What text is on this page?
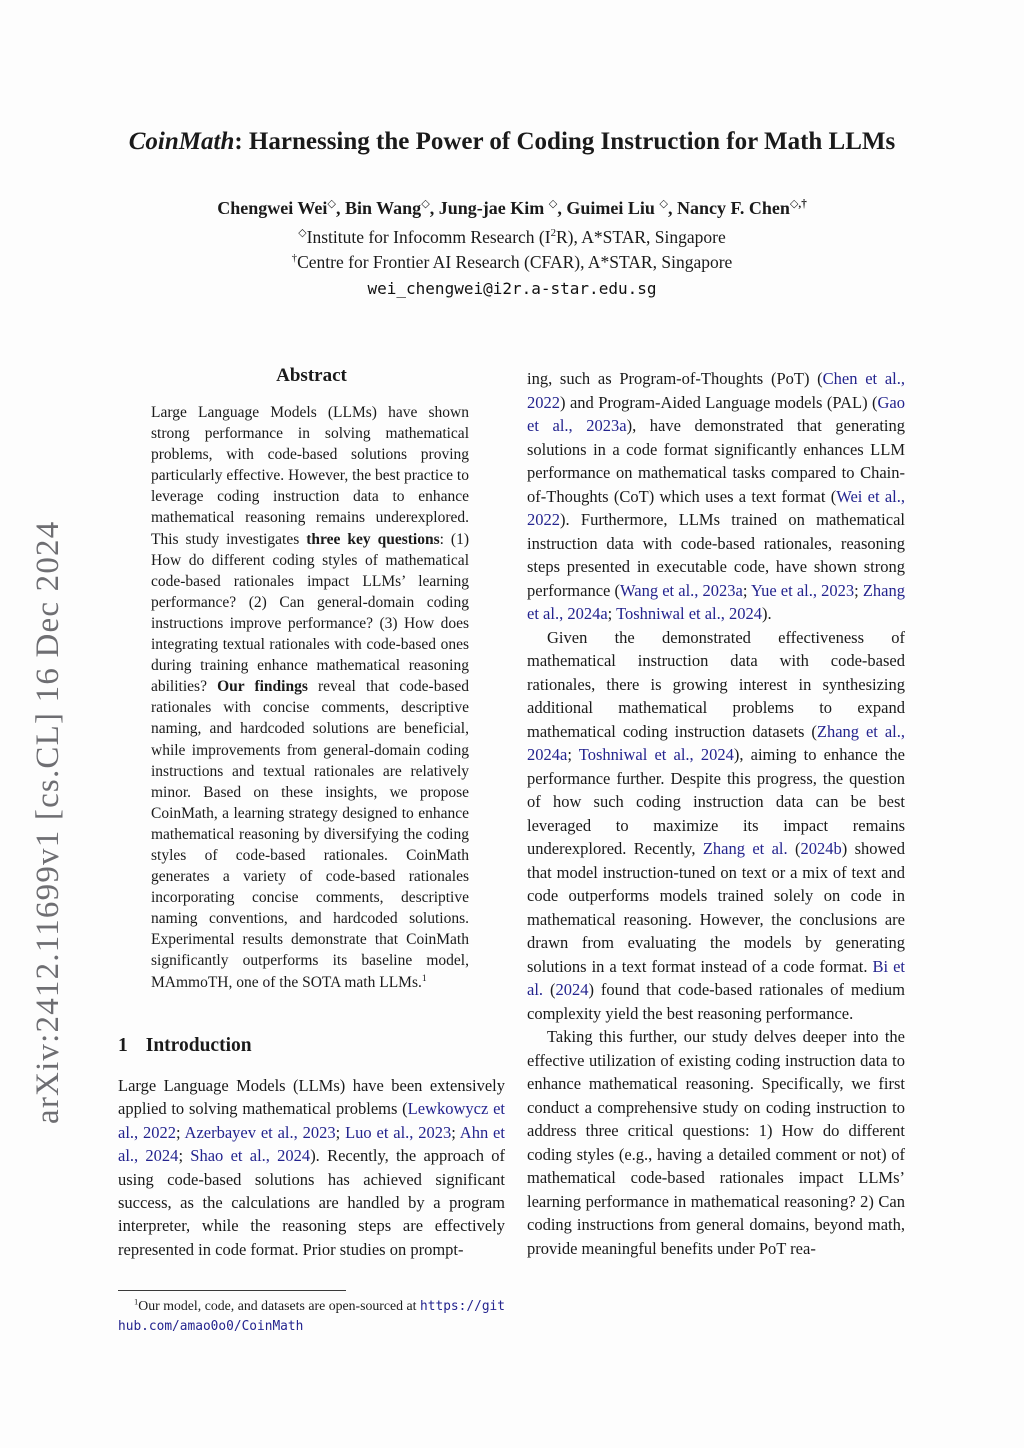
arXiv:2412.11699v1 [cs.CL] 16 Dec 2024
CoinMath: Harnessing the Power of Coding Instruction for Math LLMs
Chengwei Wei◇, Bin Wang◇, Jung-jae Kim ◇, Guimei Liu ◇, Nancy F. Chen◇,†
◇Institute for Infocomm Research $(I^2R)$, A*STAR, Singapore
†Centre for Frontier AI Research (CFAR), A*STAR, Singapore
wei_chengwei@i2r.a-star.edu.sg
Abstract
Large Language Models (LLMs) have shown strong performance in solving mathematical problems, with code-based solutions proving particularly effective. However, the best practice to leverage coding instruction data to enhance mathematical reasoning remains underexplored. This study investigates three key questions: (1) How do different coding styles of mathematical code-based rationales impact LLMs’ learning performance? (2) Can general-domain coding instructions improve performance? (3) How does integrating textual rationales with code-based ones during training enhance mathematical reasoning abilities? Our findings reveal that code-based rationales with concise comments, descriptive naming, and hardcoded solutions are beneficial, while improvements from general-domain coding instructions and textual rationales are relatively minor. Based on these insights, we propose CoinMath, a learning strategy designed to enhance mathematical reasoning by diversifying the coding styles of code-based rationales. CoinMath generates a variety of code-based rationales incorporating concise comments, descriptive naming conventions, and hardcoded solutions. Experimental results demonstrate that CoinMath significantly outperforms its baseline model, MAmmoTH, one of the SOTA math LLMs.$^1$
1 Introduction
Large Language Models (LLMs) have been extensively applied to solving mathematical problems (Lewkowycz et al., 2022; Azerbayev et al., 2023; Luo et al., 2023; Ahn et al., 2024; Shao et al., 2024). Recently, the approach of using code-based solutions has achieved significant success, as the calculations are handled by a program interpreter, while the reasoning steps are effectively represented in code format. Prior studies on prompt-
$^1$Our model, code, and datasets are open-sourced at https://github.com/amao0o0/CoinMath

ing, such as Program-of-Thoughts (PoT) (Chen et al., 2022) and Program-Aided Language models (PAL) (Gao et al., 2023a), have demonstrated that generating solutions in a code format significantly enhances LLM performance on mathematical tasks compared to Chain-of-Thoughts (CoT) which uses a text format (Wei et al., 2022). Furthermore, LLMs trained on mathematical instruction data with code-based rationales, reasoning steps presented in executable code, have shown strong performance (Wang et al., 2023a; Yue et al., 2023; Zhang et al., 2024a; Toshniwal et al., 2024).

Given the demonstrated effectiveness of mathematical instruction data with code-based rationales, there is growing interest in synthesizing additional mathematical problems to expand mathematical coding instruction datasets (Zhang et al., 2024a; Toshniwal et al., 2024), aiming to enhance the performance further. Despite this progress, the question of how such coding instruction data can be best leveraged to maximize its impact remains underexplored. Recently, Zhang et al. (2024b) showed that model instruction-tuned on text or a mix of text and code outperforms models trained solely on code in mathematical reasoning. However, the conclusions are drawn from evaluating the models by generating solutions in a text format instead of a code format. Bi et al. (2024) found that code-based rationales of medium complexity yield the best reasoning performance.

Taking this further, our study delves deeper into the effective utilization of existing coding instruction data to enhance mathematical reasoning. Specifically, we first conduct a comprehensive study on coding instruction to address three critical questions: 1) How do different coding styles (e.g., having a detailed comment or not) of mathematical code-based rationales impact LLMs’ learning performance in mathematical reasoning? 2) Can coding instructions from general domains, beyond math, provide meaningful benefits under PoT rea-
